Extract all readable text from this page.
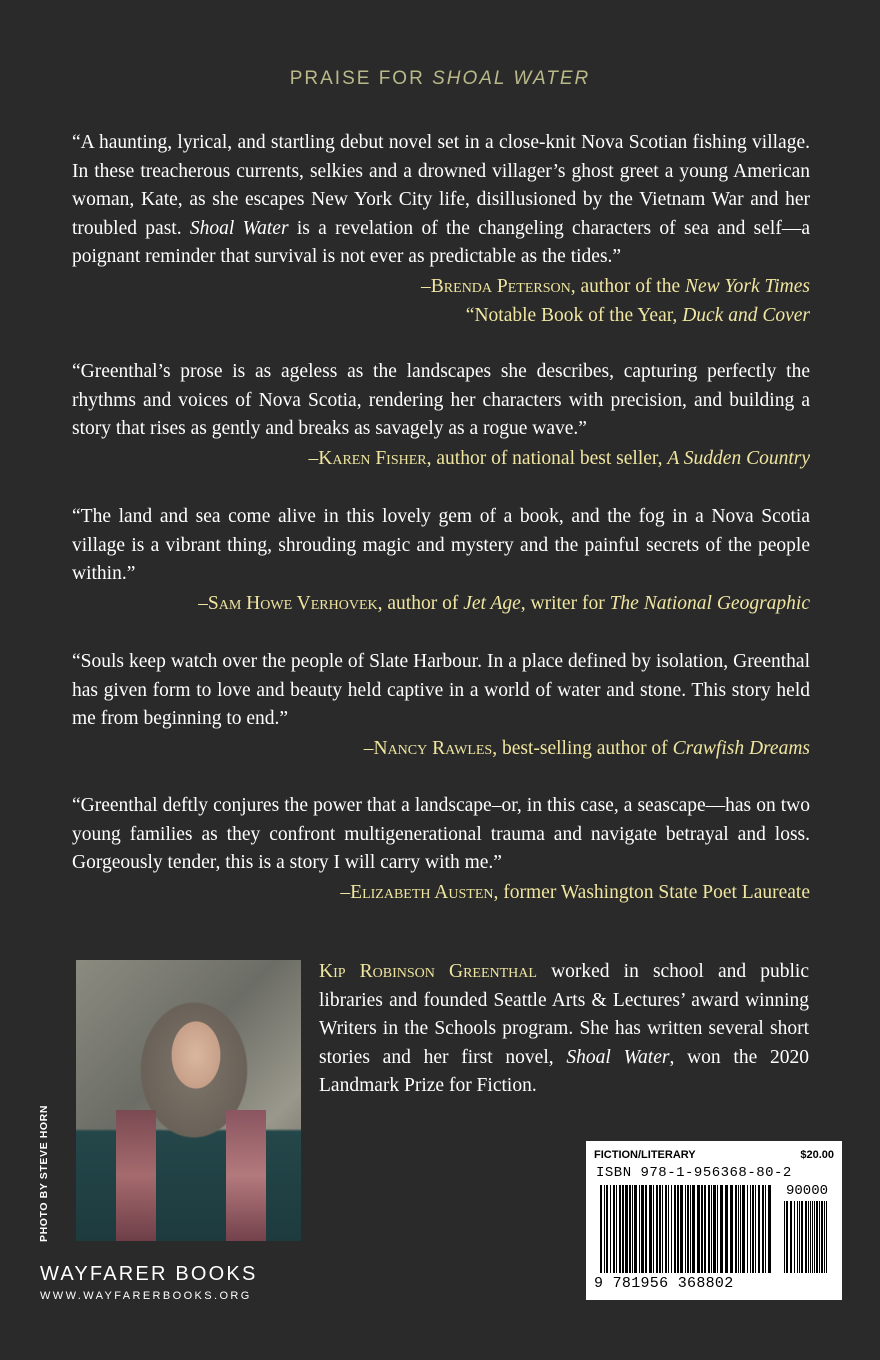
PRAISE FOR SHOAL WATER
“A haunting, lyrical, and startling debut novel set in a close-knit Nova Scotian fishing village. In these treacherous currents, selkies and a drowned villager’s ghost greet a young American woman, Kate, as she escapes New York City life, disillusioned by the Vietnam War and her troubled past. Shoal Water is a revelation of the changeling characters of sea and self—a poignant reminder that survival is not ever as predictable as the tides.”
–Brenda Peterson, author of the New York Times
“Notable Book of the Year, Duck and Cover
“Greenthal’s prose is as ageless as the landscapes she describes, capturing perfectly the rhythms and voices of Nova Scotia, rendering her characters with precision, and building a story that rises as gently and breaks as savagely as a rogue wave.”
–Karen Fisher, author of national best seller, A Sudden Country
“The land and sea come alive in this lovely gem of a book, and the fog in a Nova Scotia village is a vibrant thing, shrouding magic and mystery and the painful secrets of the people within.”
–Sam Howe Verhovek, author of Jet Age, writer for The National Geographic
“Souls keep watch over the people of Slate Harbour. In a place defined by isolation, Greenthal has given form to love and beauty held captive in a world of water and stone. This story held me from beginning to end.”
–Nancy Rawles, best-selling author of Crawfish Dreams
“Greenthal deftly conjures the power that a landscape–or, in this case, a seascape—has on two young families as they confront multigenerational trauma and navigate betrayal and loss. Gorgeously tender, this is a story I will carry with me.”
–Elizabeth Austen, former Washington State Poet Laureate
PHOTO BY STEVE HORN
Kip Robinson Greenthal worked in school and public libraries and founded Seattle Arts & Lectures’ award winning Writers in the Schools program. She has written several short stories and her first novel, Shoal Water, won the 2020 Landmark Prize for Fiction.
WAYFARER BOOKS
WWW.WAYFARERBOOKS.ORG
FICTION/LITERARY	$20.00
ISBN 978-1-956368-80-2
90000
9 781956 368802
